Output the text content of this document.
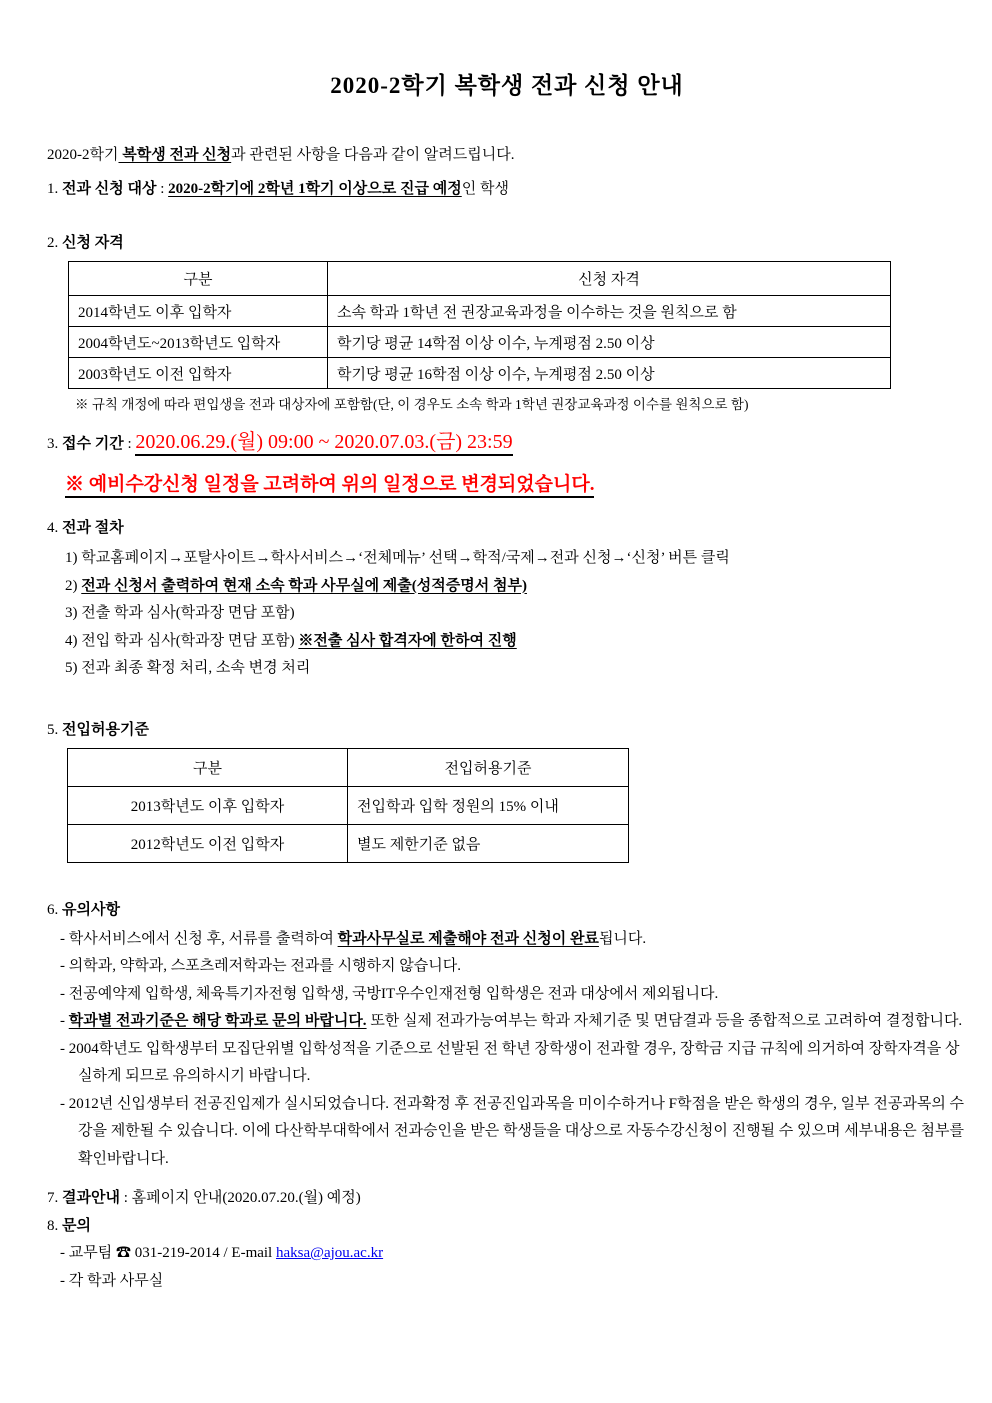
2020-2학기 복학생 전과 신청 안내

2020-2학기 복학생 전과 신청과 관련된 사항을 다음과 같이 알려드립니다.

1. 전과 신청 대상 : 2020-2학기에 2학년 1학기 이상으로 진급 예정인 학생

2. 신청 자격

구분	신청 자격
2014학년도 이후 입학자	소속 학과 1학년 전 권장교육과정을 이수하는 것을 원칙으로 함
2004학년도~2013학년도 입학자	학기당 평균 14학점 이상 이수, 누계평점 2.50 이상
2003학년도 이전 입학자	학기당 평균 16학점 이상 이수, 누계평점 2.50 이상

※ 규칙 개정에 따라 편입생을 전과 대상자에 포함함(단, 이 경우도 소속 학과 1학년 권장교육과정 이수를 원칙으로 함)

3. 접수 기간 : 2020.06.29.(월) 09:00 ~ 2020.07.03.(금) 23:59

※ 예비수강신청 일정을 고려하여 위의 일정으로 변경되었습니다.

4. 전과 절차

1) 학교홈페이지→포탈사이트→학사서비스→‘전체메뉴’ 선택→학적/국제→전과 신청→‘신청’ 버튼 클릭

2) 전과 신청서 출력하여 현재 소속 학과 사무실에 제출(성적증명서 첨부)

3) 전출 학과 심사(학과장 면담 포함)

4) 전입 학과 심사(학과장 면담 포함) ※전출 심사 합격자에 한하여 진행

5) 전과 최종 확정 처리, 소속 변경 처리

5. 전입허용기준

구분	전입허용기준
2013학년도 이후 입학자	전입학과 입학 정원의 15% 이내
2012학년도 이전 입학자	별도 제한기준 없음

6. 유의사항

- 학사서비스에서 신청 후, 서류를 출력하여 학과사무실로 제출해야 전과 신청이 완료됩니다.

- 의학과, 약학과, 스포츠레저학과는 전과를 시행하지 않습니다.

- 전공예약제 입학생, 체육특기자전형 입학생, 국방IT우수인재전형 입학생은 전과 대상에서 제외됩니다.

- 학과별 전과기준은 해당 학과로 문의 바랍니다. 또한 실제 전과가능여부는 학과 자체기준 및 면담결과 등을 종합적으로 고려하여 결정합니다.

- 2004학년도 입학생부터 모집단위별 입학성적을 기준으로 선발된 전 학년 장학생이 전과할 경우, 장학금 지급 규칙에 의거하여 장학자격을 상실하게 되므로 유의하시기 바랍니다.

- 2012년 신입생부터 전공진입제가 실시되었습니다. 전과확정 후 전공진입과목을 미이수하거나 F학점을 받은 학생의 경우, 일부 전공과목의 수강을 제한될 수 있습니다. 이에 다산학부대학에서 전과승인을 받은 학생들을 대상으로 자동수강신청이 진행될 수 있으며 세부내용은 첨부를 확인바랍니다.

7. 결과안내 : 홈페이지 안내(2020.07.20.(월) 예정)

8. 문의

- 교무팀 ☎ 031-219-2014 / E-mail haksa@ajou.ac.kr

- 각 학과 사무실
